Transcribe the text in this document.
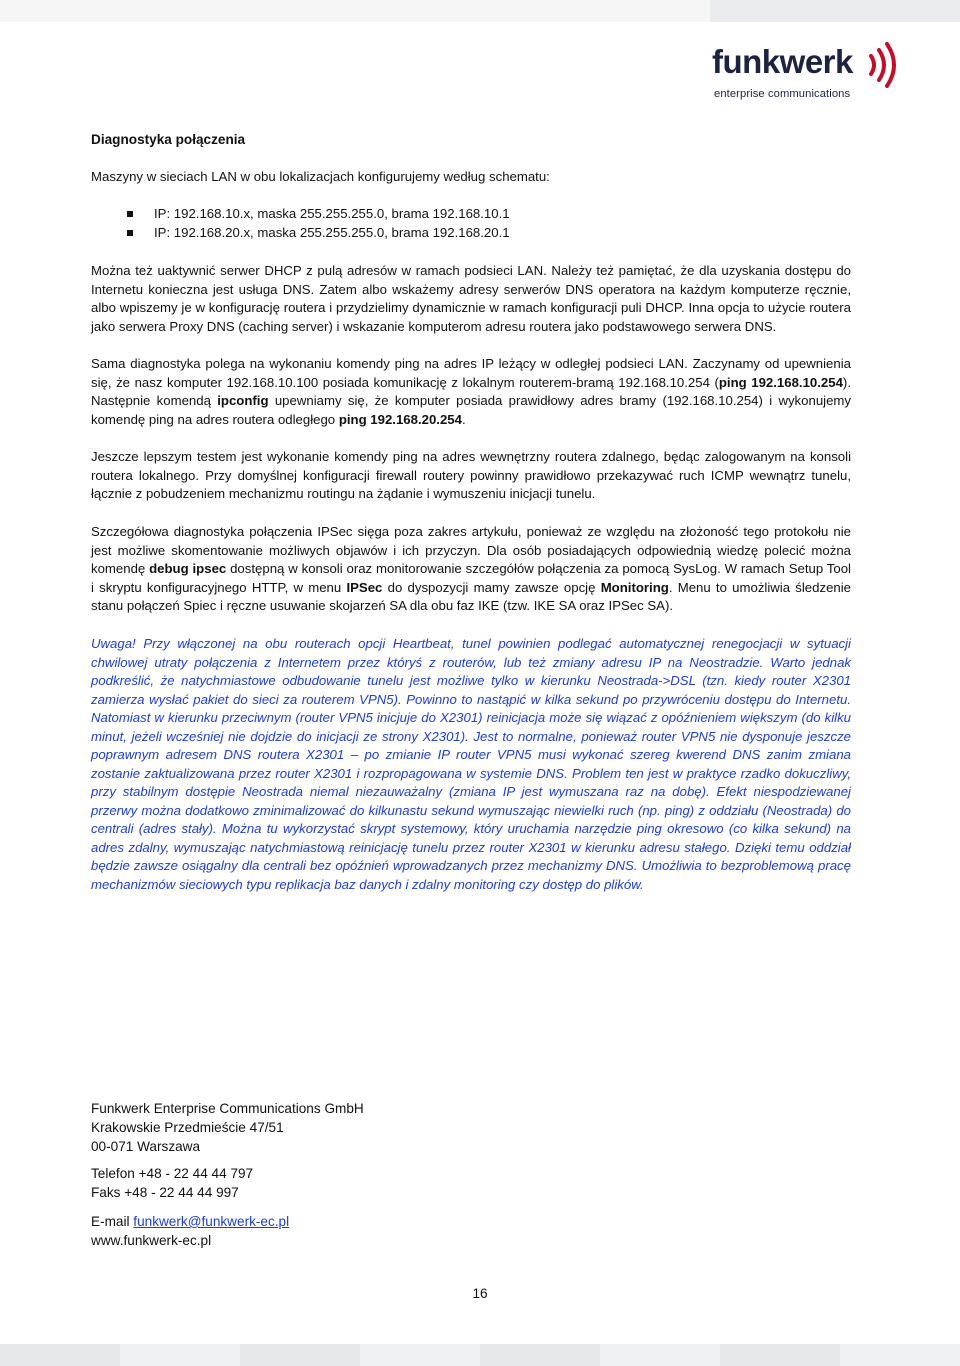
funkwerk
enterprise communications
Diagnostyka połączenia
Maszyny w sieciach LAN w obu lokalizacjach konfigurujemy według schematu:
IP: 192.168.10.x, maska 255.255.255.0, brama 192.168.10.1
IP: 192.168.20.x, maska 255.255.255.0, brama 192.168.20.1
Można też uaktywnić serwer DHCP z pulą adresów w ramach podsieci LAN. Należy też pamiętać, że dla uzyskania dostępu do Internetu konieczna jest usługa DNS. Zatem albo wskażemy adresy serwerów DNS operatora na każdym komputerze ręcznie, albo wpiszemy je w konfigurację routera i przydzielimy dynamicznie w ramach konfiguracji puli DHCP. Inna opcja to użycie routera jako serwera Proxy DNS (caching server) i wskazanie komputerom adresu routera jako podstawowego serwera DNS.
Sama diagnostyka polega na wykonaniu komendy ping na adres IP leżący w odległej podsieci LAN. Zaczynamy od upewnienia się, że nasz komputer 192.168.10.100 posiada komunikację z lokalnym routerem-bramą 192.168.10.254 (ping 192.168.10.254). Następnie komendą ipconfig upewniamy się, że komputer posiada prawidłowy adres bramy (192.168.10.254) i wykonujemy komendę ping na adres routera odległego ping 192.168.20.254.
Jeszcze lepszym testem jest wykonanie komendy ping na adres wewnętrzny routera zdalnego, będąc zalogowanym na konsoli routera lokalnego. Przy domyślnej konfiguracji firewall routery powinny prawidłowo przekazywać ruch ICMP wewnątrz tunelu, łącznie z pobudzeniem mechanizmu routingu na żądanie i wymuszeniu inicjacji tunelu.
Szczegółowa diagnostyka połączenia IPSec sięga poza zakres artykułu, ponieważ ze względu na złożoność tego protokołu nie jest możliwe skomentowanie możliwych objawów i ich przyczyn. Dla osób posiadających odpowiednią wiedzę polecić można komendę debug ipsec dostępną w konsoli oraz monitorowanie szczegółów połączenia za pomocą SysLog. W ramach Setup Tool i skryptu konfiguracyjnego HTTP, w menu IPSec do dyspozycji mamy zawsze opcję Monitoring. Menu to umożliwia śledzenie stanu połączeń Spiec i ręczne usuwanie skojarzeń SA dla obu faz IKE (tzw. IKE SA oraz IPSec SA).
Uwaga! Przy włączonej na obu routerach opcji Heartbeat, tunel powinien podlegać automatycznej renegocjacji w sytuacji chwilowej utraty połączenia z Internetem przez któryś z routerów, lub też zmiany adresu IP na Neostradzie. Warto jednak podkreślić, że natychmiastowe odbudowanie tunelu jest możliwe tylko w kierunku Neostrada->DSL (tzn. kiedy router X2301 zamierza wysłać pakiet do sieci za routerem VPN5). Powinno to nastąpić w kilka sekund po przywróceniu dostępu do Internetu. Natomiast w kierunku przeciwnym (router VPN5 inicjuje do X2301) reinicjacja może się wiązać z opóźnieniem większym (do kilku minut, jeżeli wcześniej nie dojdzie do inicjacji ze strony X2301). Jest to normalne, ponieważ router VPN5 nie dysponuje jeszcze poprawnym adresem DNS routera X2301 – po zmianie IP router VPN5 musi wykonać szereg kwerend DNS zanim zmiana zostanie zaktualizowana przez router X2301 i rozpropagowana w systemie DNS. Problem ten jest w praktyce rzadko dokuczliwy, przy stabilnym dostępie Neostrada niemal niezauważalny (zmiana IP jest wymuszana raz na dobę). Efekt niespodziewanej przerwy można dodatkowo zminimalizować do kilkunastu sekund wymuszając niewielki ruch (np. ping) z oddziału (Neostrada) do centrali (adres stały). Można tu wykorzystać skrypt systemowy, który uruchamia narzędzie ping okresowo (co kilka sekund) na adres zdalny, wymuszając natychmiastową reinicjację tunelu przez router X2301 w kierunku adresu stałego. Dzięki temu oddział będzie zawsze osiągalny dla centrali bez opóźnień wprowadzanych przez mechanizmy DNS. Umożliwia to bezproblemową pracę mechanizmów sieciowych typu replikacja baz danych i zdalny monitoring czy dostęp do plików.
Funkwerk Enterprise Communications GmbH
Krakowskie Przedmieście 47/51
00-071 Warszawa
Telefon +48 - 22 44 44 797
Faks +48 - 22 44 44 997
E-mail funkwerk@funkwerk-ec.pl
www.funkwerk-ec.pl
16
